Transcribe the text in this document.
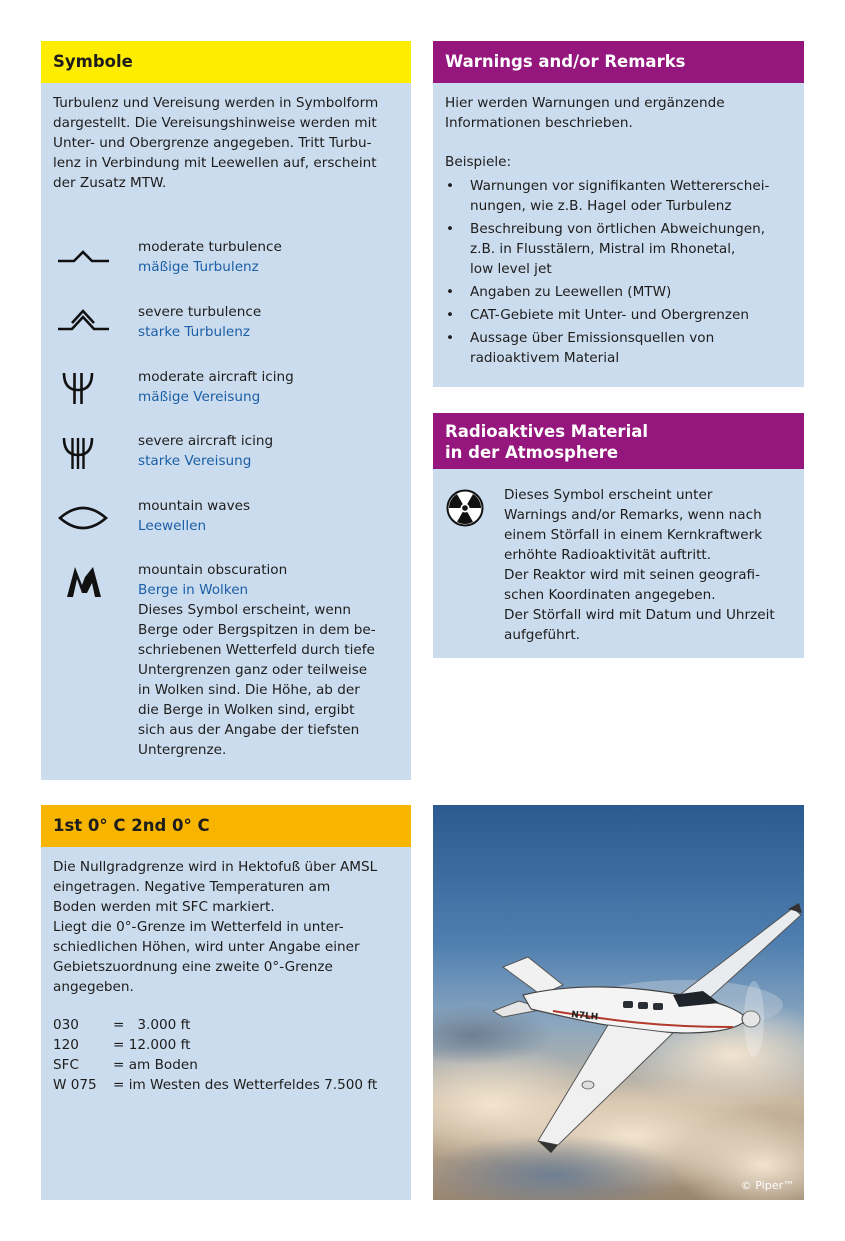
Symbole
Turbulenz und Vereisung werden in Symbolform
dargestellt. Die Vereisungshinweise werden mit
Unter- und Obergrenze angegeben. Tritt Turbu-
lenz in Verbindung mit Leewellen auf, erscheint
der Zusatz MTW.
moderate turbulence
mäßige Turbulenz
severe turbulence
starke Turbulenz
moderate aircraft icing
mäßige Vereisung
severe aircraft icing
starke Vereisung
mountain waves
Leewellen
mountain obscuration
Berge in Wolken
Dieses Symbol erscheint, wenn
Berge oder Bergspitzen in dem be-
schriebenen Wetterfeld durch tiefe
Untergrenzen ganz oder teilweise
in Wolken sind. Die Höhe, ab der
die Berge in Wolken sind, ergibt
sich aus der Angabe der tiefsten
Untergrenze.
Warnings and/or Remarks
Hier werden Warnungen und ergänzende
Informationen beschrieben.
Beispiele:
• Warnungen vor signifikanten Wettererschei-
nungen, wie z.B. Hagel oder Turbulenz
• Beschreibung von örtlichen Abweichungen,
z.B. in Flusstälern, Mistral im Rhonetal,
low level jet
• Angaben zu Leewellen (MTW)
• CAT-Gebiete mit Unter- und Obergrenzen
• Aussage über Emissionsquellen von
radioaktivem Material
Radioaktives Material
in der Atmosphere
Dieses Symbol erscheint unter
Warnings and/or Remarks, wenn nach
einem Störfall in einem Kernkraftwerk
erhöhte Radioaktivität auftritt.
Der Reaktor wird mit seinen geografi-
schen Koordinaten angegeben.
Der Störfall wird mit Datum und Uhrzeit
aufgeführt.
1st 0° C 2nd 0° C
Die Nullgradgrenze wird in Hektofuß über AMSL
eingetragen. Negative Temperaturen am
Boden werden mit SFC markiert.
Liegt die 0°-Grenze im Wetterfeld in unter-
schiedlichen Höhen, wird unter Angabe einer
Gebietszuordnung eine zweite 0°-Grenze
angegeben.
030	=   3.000 ft
120	= 12.000 ft
SFC	= am Boden
W 075	= im Westen des Wetterfeldes 7.500 ft
N7LH
© Piper™
